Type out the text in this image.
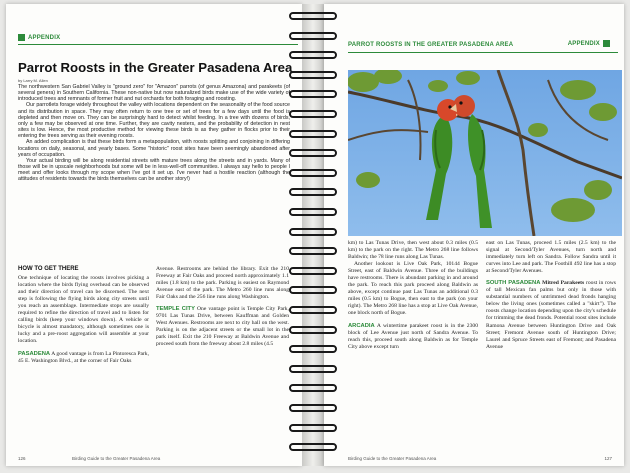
APPENDIX
Parrot Roosts in the Greater Pasadena Area
by Larry M. Allen

The northwestern San Gabriel Valley is "ground zero" for "Amazon" parrots (of genus Amazona) and parakeets (of several genera) in Southern California. These non-native but now naturalized birds make use of the wide variety of introduced trees and remnants of former fruit and nut orchards for both foraging and roosting.

Our parrotlets forage widely throughout the valley with locations dependent on the seasonality of the food source and its distribution in space. They may often return to one tree or set of trees for a few days until the food is depleted and then move on. They can be surprisingly hard to detect whilst feeding. In a tree with dozens of birds, only a few may be observed at one time. Further, they are cavity nesters, and the probability of detection in nest sites is low. Hence, the most productive method for viewing these birds is as they gather in flocks prior to their entering the trees serving as their evening roosts.

An added complication is that these birds form a metapopulation, with roosts splitting and conjoining in differing locations on daily, seasonal, and yearly bases. Some "historic" roost sites have been seemingly abandoned after years of occupation.

Your actual birding will be along residential streets with mature trees along the streets and in yards. Many of those will be in upscale neighborhoods but some will be in less-well-off communities. I always say hello to people I meet and offer looks through my scope when I've got it set up. I've never had a hostile reaction (although the attitudes of residents towards the birds themselves can be another story!)

HOW TO GET THERE

One technique of locating the roosts involves picking a location where the birds flying overhead can be observed and their direction of travel can be discerned. The next step is following the flying birds along city streets until you reach an assemblage. Intermediate stops are usually required to refine the direction of travel and to listen for calling birds (keep your windows down). A vehicle or bicycle is almost mandatory, although sometimes one is lucky and a pre-roost aggregation will assemble at your location.

PASADENA A good vantage is from La Pintoresca Park, 45 E. Washington Blvd., at the corner of Fair Oaks

Avenue. Restrooms are behind the library. Exit the 210 Freeway at Fair Oaks and proceed north approximately 1.1 miles (1.8 km) to the park. Parking is easiest on Raymond Avenue east of the park. The Metro 260 line runs along Fair Oaks and the 256 line runs along Washington.

TEMPLE CITY One vantage point is Temple City Park, 9701 Las Tunas Drive, between Kauffman and Golden West Avenues. Restrooms are next to city hall on the west. Parking is on the adjacent streets or the small lot in the park itself. Exit the 210 Freeway at Baldwin Avenue and proceed south from the freeway about 2.8 miles (4.5

126	Birding Guide to the Greater Pasadena Area
PARROT ROOSTS IN THE GREATER PASADENA AREA	APPENDIX

km) to Las Tunas Drive, then west about 0.3 miles (0.5 km) to the park on the right. The Metro 268 line follows Baldwin; the 78 line runs along Las Tunas.

Another lookout is Live Oak Park, 10144 Bogue Street, east of Baldwin Avenue. Three of the buildings have restrooms. There is abundant parking in and around the park. To reach this park proceed along Baldwin as above, except continue past Las Tunas an additional 0.3 miles (0.5 km) to Bogue, then east to the park (on your right). The Metro 268 line has a stop at Live Oak Avenue, one block north of Bogue.

ARCADIA A wintertime parakeet roost is in the 2300 block of Lee Avenue just north of Sandra Avenue. To reach this, proceed south along Baldwin as for Temple City above except turn

east on Las Tunas, proceed 1.5 miles (2.5 km) to the signal at Second/Tyler Avenues, turn north and immediately turn left on Sandra. Follow Sandra until it curves into Lee and park. The Foothill 492 line has a stop at Second/Tyler Avenues.

SOUTH PASADENA Mitred Parakeets roost in rows of tall Mexican fan palms but only in those with substantial numbers of untrimmed dead fronds hanging below the living ones (sometimes called a "skirt"). The roosts change location depending upon the city's schedule for trimming the dead fronds. Potential roost sites include Ramona Avenue between Huntington Drive and Oak Street; Fremont Avenue south of Huntington Drive; Laurel and Spruce Streets east of Fremont; and Pasadena Avenue

Birding Guide to the Greater Pasadena Area	127
